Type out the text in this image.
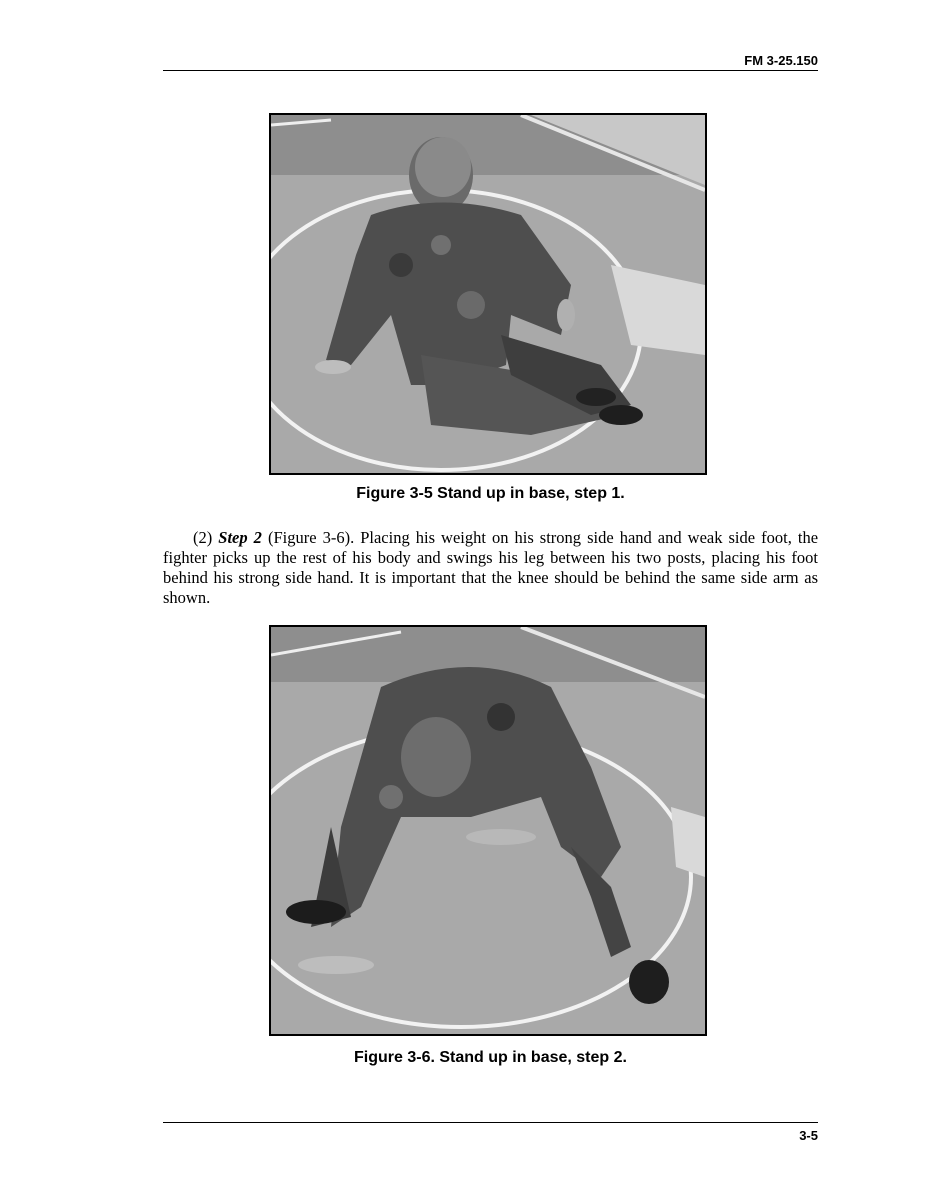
FM 3-25.150
Figure 3-5 Stand up in base, step 1.

(2) Step 2 (Figure 3-6). Placing his weight on his strong side hand and weak side foot, the fighter picks up the rest of his body and swings his leg between his two posts, placing his foot behind his strong side hand. It is important that the knee should be behind the same side arm as shown.

Figure 3-6. Stand up in base, step 2.
3-5
